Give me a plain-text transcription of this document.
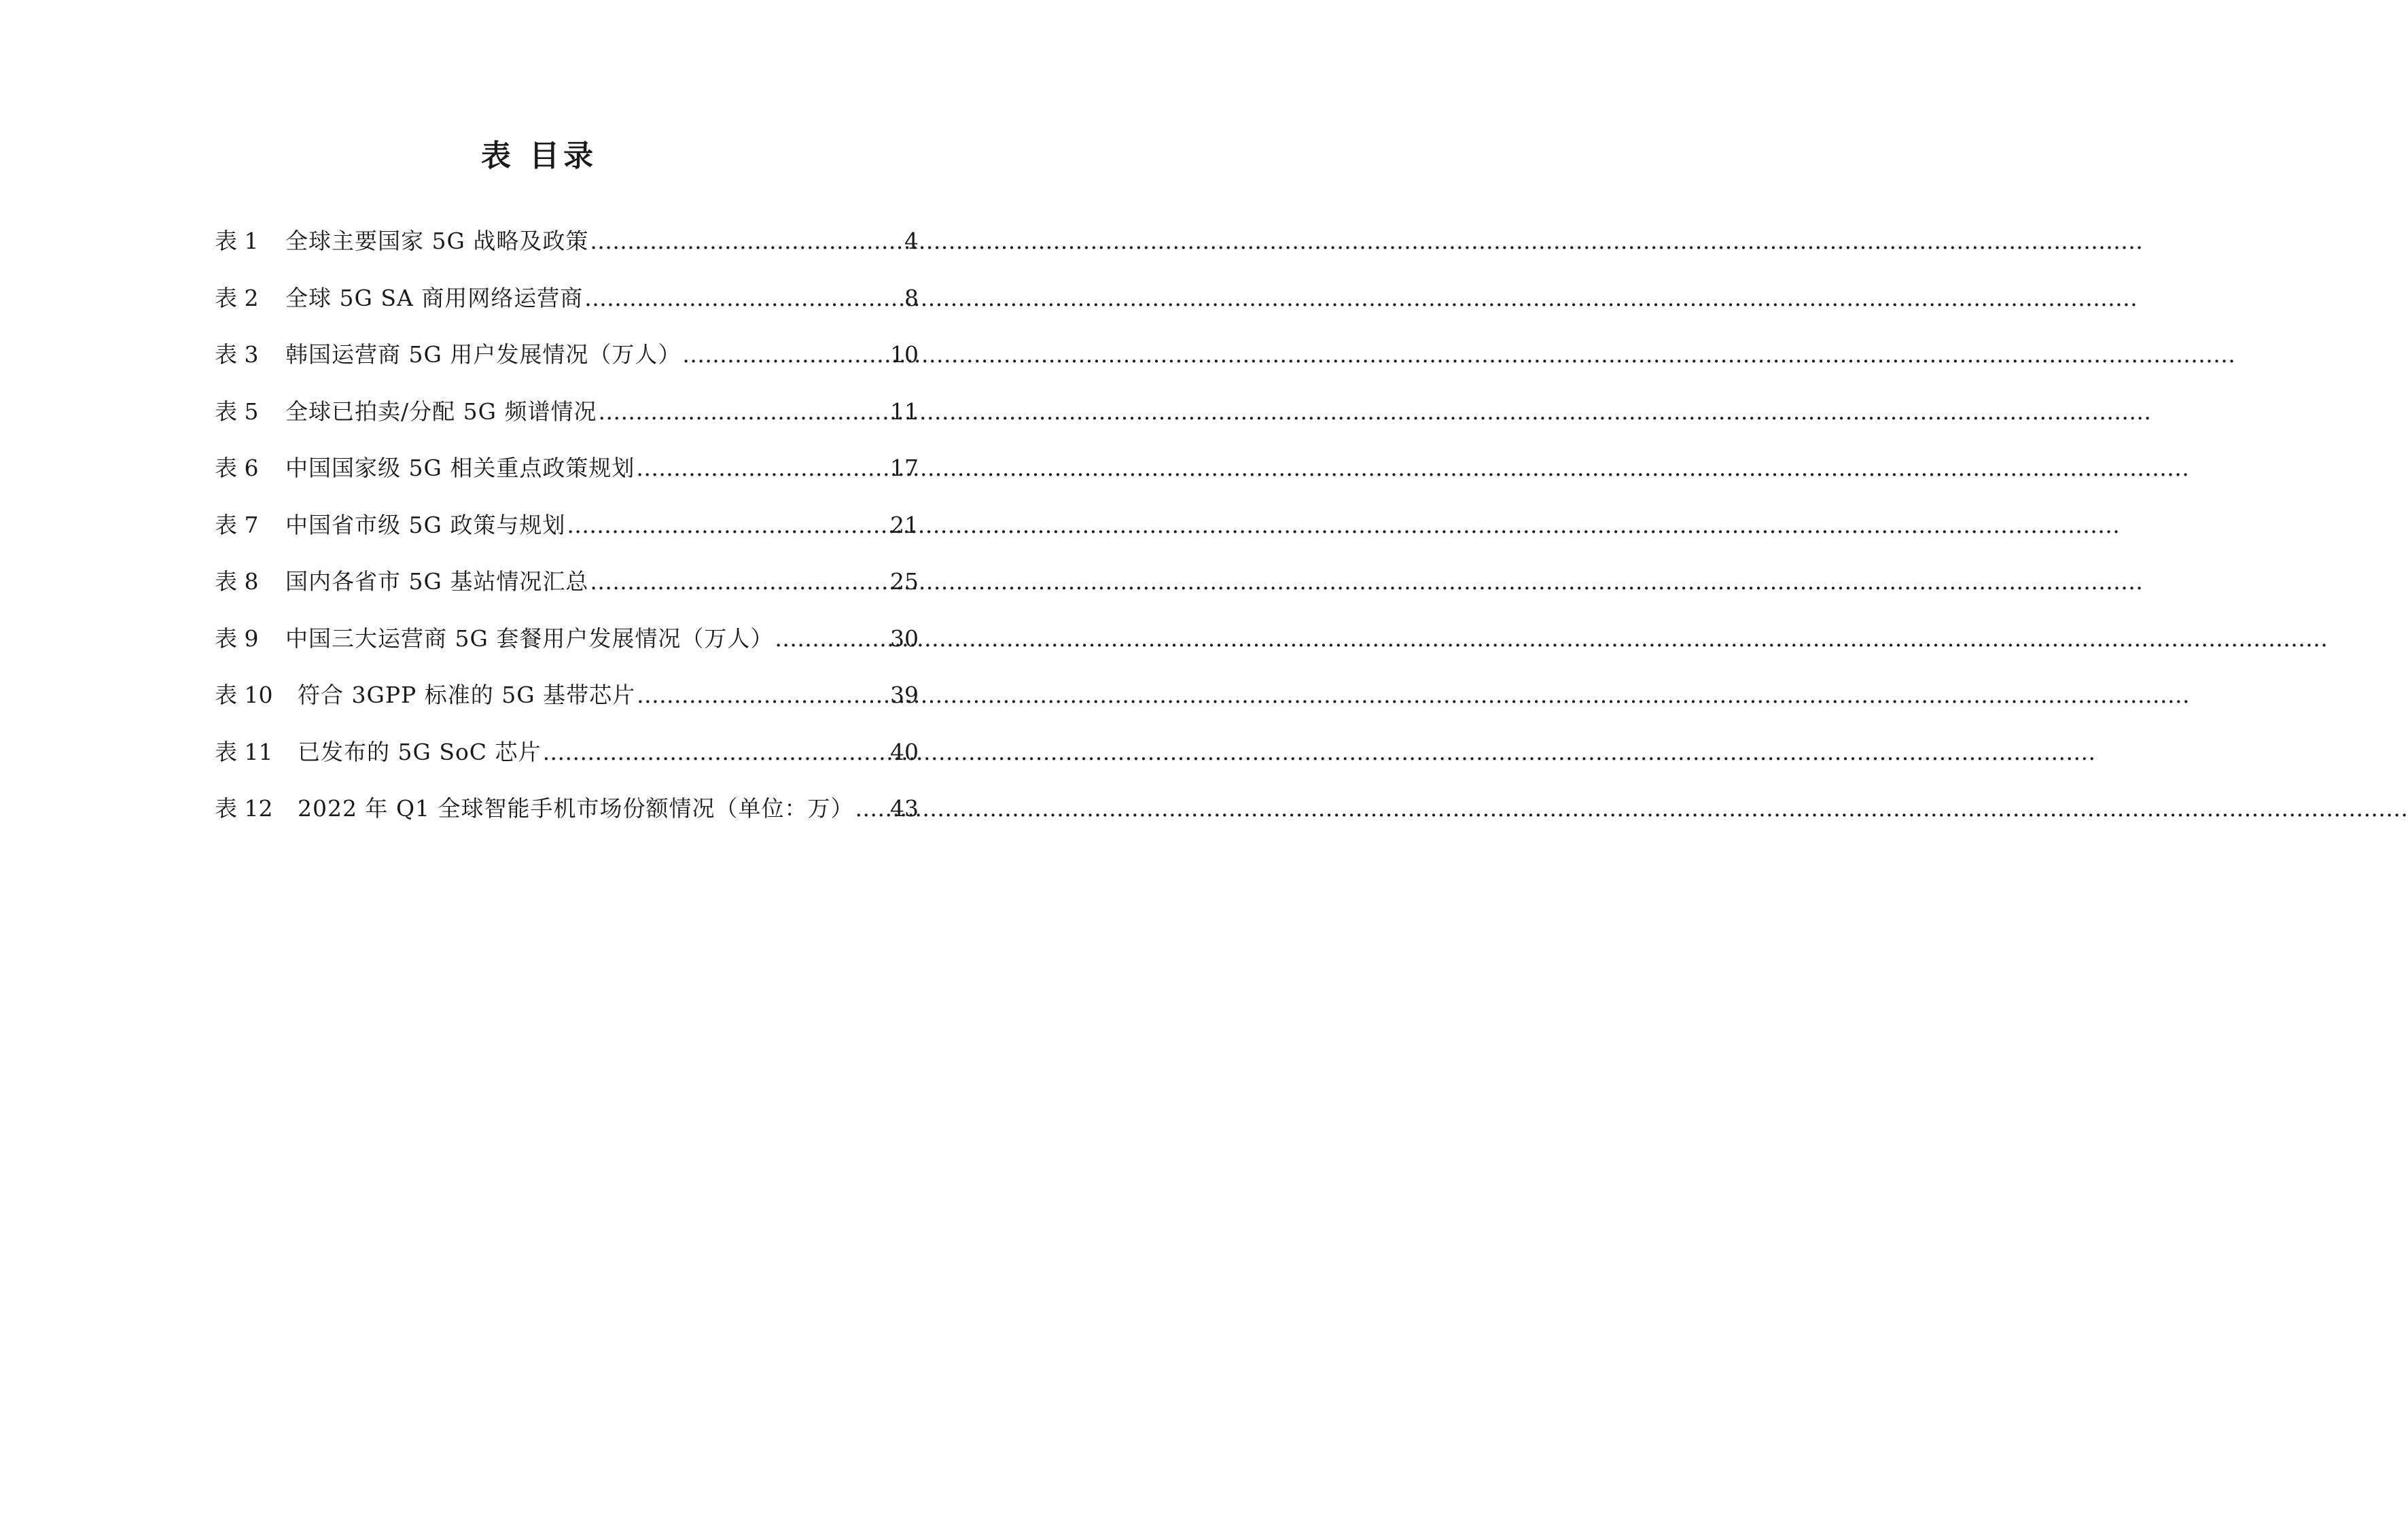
表 目录
表 1	全球主要国家 5G 战略及政策 .....	4
表 2	全球 5G SA 商用网络运营商 .....	8
表 3	韩国运营商 5G 用户发展情况（万人） .....	10
表 5	全球已拍卖/分配 5G 频谱情况 .....	11
表 6	中国国家级 5G 相关重点政策规划 .....	17
表 7	中国省市级 5G 政策与规划 .....	21
表 8	国内各省市 5G 基站情况汇总 .....	25
表 9	中国三大运营商 5G 套餐用户发展情况（万人） .....	30
表 10	符合 3GPP 标准的 5G 基带芯片 .....	39
表 11	已发布的 5G SoC 芯片 .....	40
表 12	2022 年 Q1 全球智能手机市场份额情况（单位：万） ..... 43
